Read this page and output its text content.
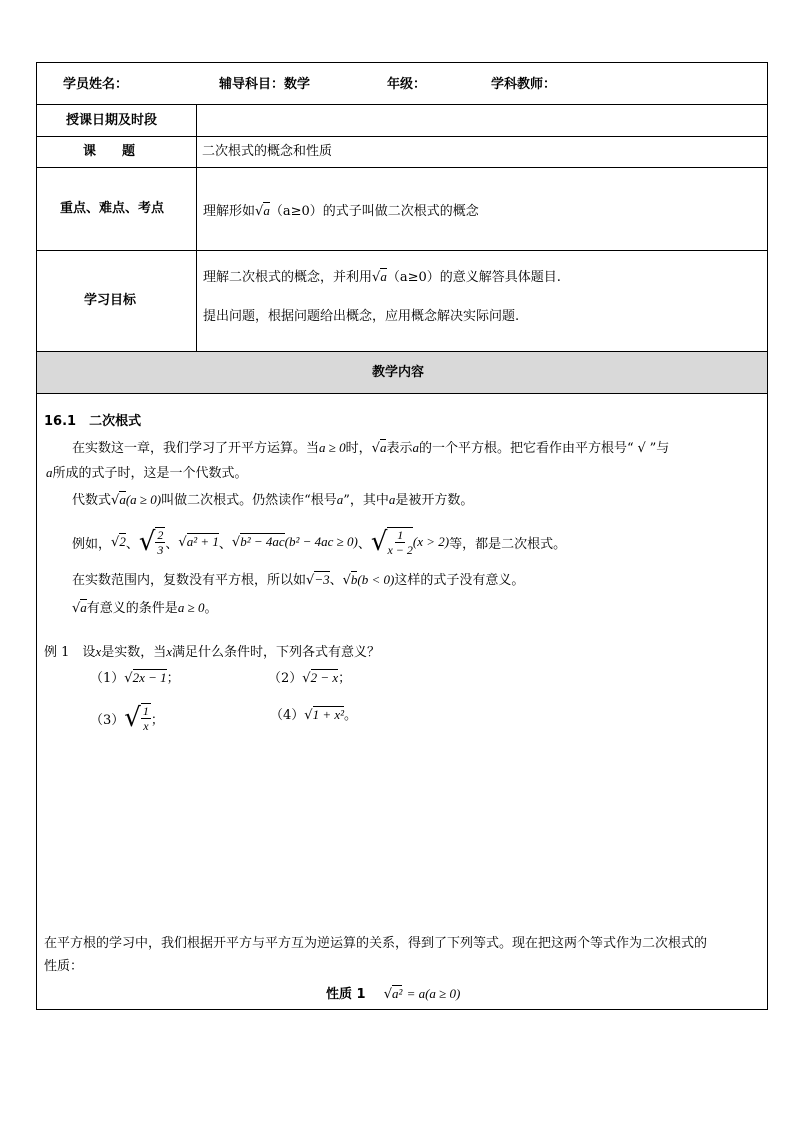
学员姓名：	辅导科目：数学	年级：	学科教师：
授课日期及时段
课　　题	二次根式的概念和性质
重点、难点、考点	理解形如√a（a≥0）的式子叫做二次根式的概念
学习目标
理解二次根式的概念，并利用√a（a≥0）的意义解答具体题目.
提出问题，根据问题给出概念，应用概念解决实际问题.
教学内容
16.1　二次根式
在实数这一章，我们学习了开平方运算。当a ≥ 0时，√a表示a的一个平方根。把它看作由平方根号“ √ ”与
a所成的式子时，这是一个代数式。
代数式√a(a ≥ 0)叫做二次根式。仍然读作“根号a”，其中a是被开方数。
例如， √2 、 √ 2
3 、 √a² + 1 、 √b² − 4ac (b² − 4ac ≥ 0) 、 √ 1
x − 2
(x > 2) 等，都是二次根式。
在实数范围内，复数没有平方根，所以如√−3、√b(b < 0)这样的式子没有意义。
√a有意义的条件是a ≥ 0。
例 1　设x是实数，当x满足什么条件时，下列各式有意义？
（1）√2x − 1；	（2）√2 − x；
（3） √ 1
x ；	（4）√1 + x²。
在平方根的学习中，我们根据开平方与平方互为逆运算的关系，得到了下列等式。现在把这两个等式作为二次根式的
性质：
性质 1 √a² = a(a ≥ 0)
